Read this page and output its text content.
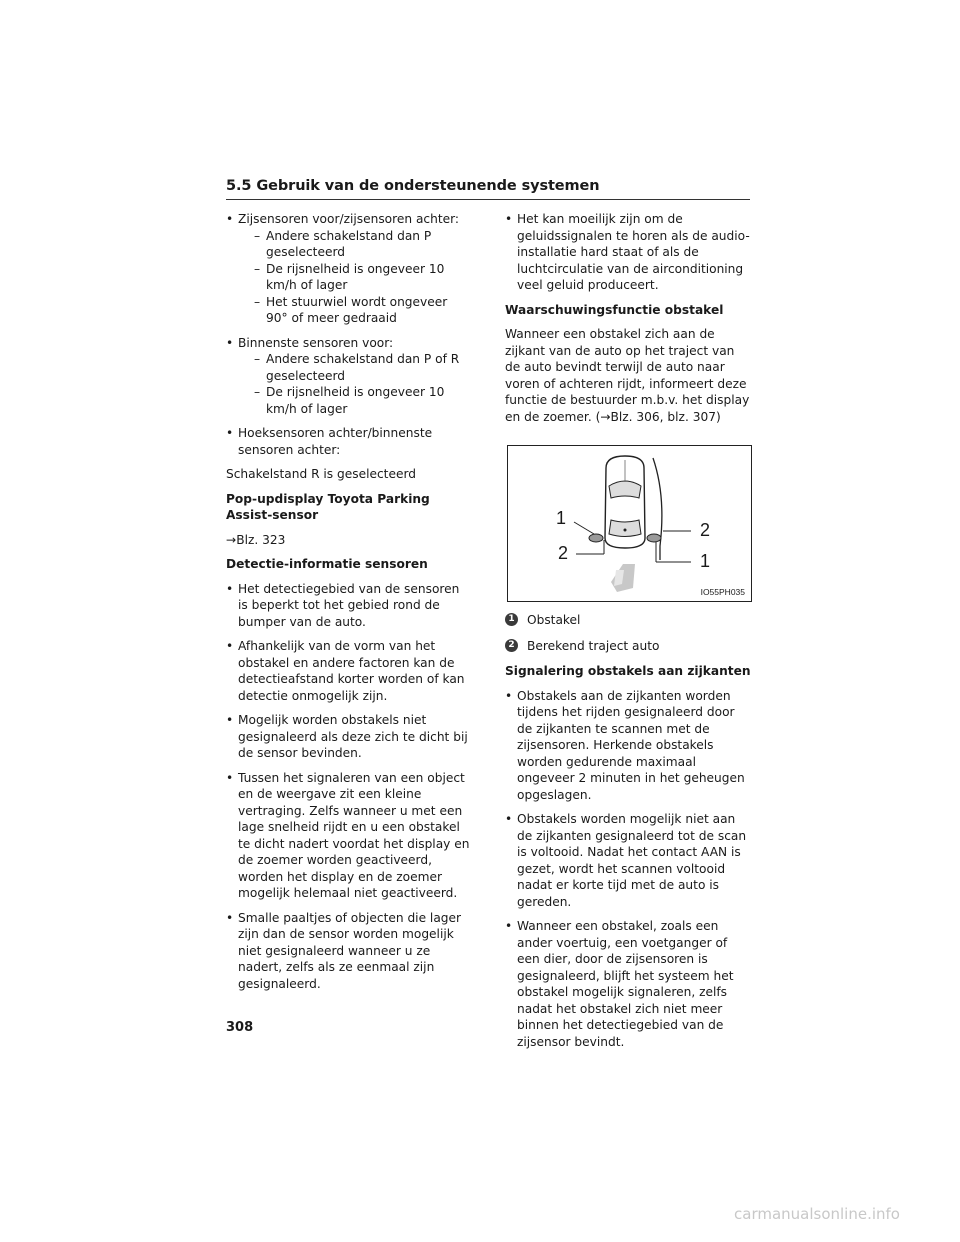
5.5 Gebruik van de ondersteunende systemen
• Zijsensoren voor/zijsensoren achter:
– Andere schakelstand dan P geselecteerd
– De rijsnelheid is ongeveer 10 km/h of lager
– Het stuurwiel wordt ongeveer 90° of meer gedraaid
• Binnenste sensoren voor:
– Andere schakelstand dan P of R geselecteerd
– De rijsnelheid is ongeveer 10 km/h of lager
• Hoeksensoren achter/binnenste sensoren achter:
Schakelstand R is geselecteerd
Pop-updisplay Toyota Parking Assist-sensor
→Blz. 323
Detectie-informatie sensoren
• Het detectiegebied van de sensoren is beperkt tot het gebied rond de bumper van de auto.
• Afhankelijk van de vorm van het obstakel en andere factoren kan de detectieafstand korter worden of kan detectie onmogelijk zijn.
• Mogelijk worden obstakels niet gesignaleerd als deze zich te dicht bij de sensor bevinden.
• Tussen het signaleren van een object en de weergave zit een kleine vertraging. Zelfs wanneer u met een lage snelheid rijdt en u een obstakel te dicht nadert voordat het display en de zoemer worden geactiveerd, worden het display en de zoemer mogelijk helemaal niet geactiveerd.
• Smalle paaltjes of objecten die lager zijn dan de sensor worden mogelijk niet gesignaleerd wanneer u ze nadert, zelfs als ze eenmaal zijn gesignaleerd.
• Het kan moeilijk zijn om de geluidssignalen te horen als de audio-installatie hard staat of als de luchtcirculatie van de airconditioning veel geluid produceert.
Waarschuwingsfunctie obstakel
Wanneer een obstakel zich aan de zijkant van de auto op het traject van de auto bevindt terwijl de auto naar voren of achteren rijdt, informeert deze functie de bestuurder m.b.v. het display en de zoemer. (→Blz. 306, blz. 307)
1
2
2
1
IO55PH035
1 Obstakel
2 Berekend traject auto
Signalering obstakels aan zijkanten
• Obstakels aan de zijkanten worden tijdens het rijden gesignaleerd door de zijkanten te scannen met de zijsensoren. Herkende obstakels worden gedurende maximaal ongeveer 2 minuten in het geheugen opgeslagen.
• Obstakels worden mogelijk niet aan de zijkanten gesignaleerd tot de scan is voltooid. Nadat het contact AAN is gezet, wordt het scannen voltooid nadat er korte tijd met de auto is gereden.
• Wanneer een obstakel, zoals een ander voertuig, een voetganger of een dier, door de zijsensoren is gesignaleerd, blijft het systeem het obstakel mogelijk signaleren, zelfs nadat het obstakel zich niet meer binnen het detectiegebied van de zijsensor bevindt.
308
carmanualsonline.info
